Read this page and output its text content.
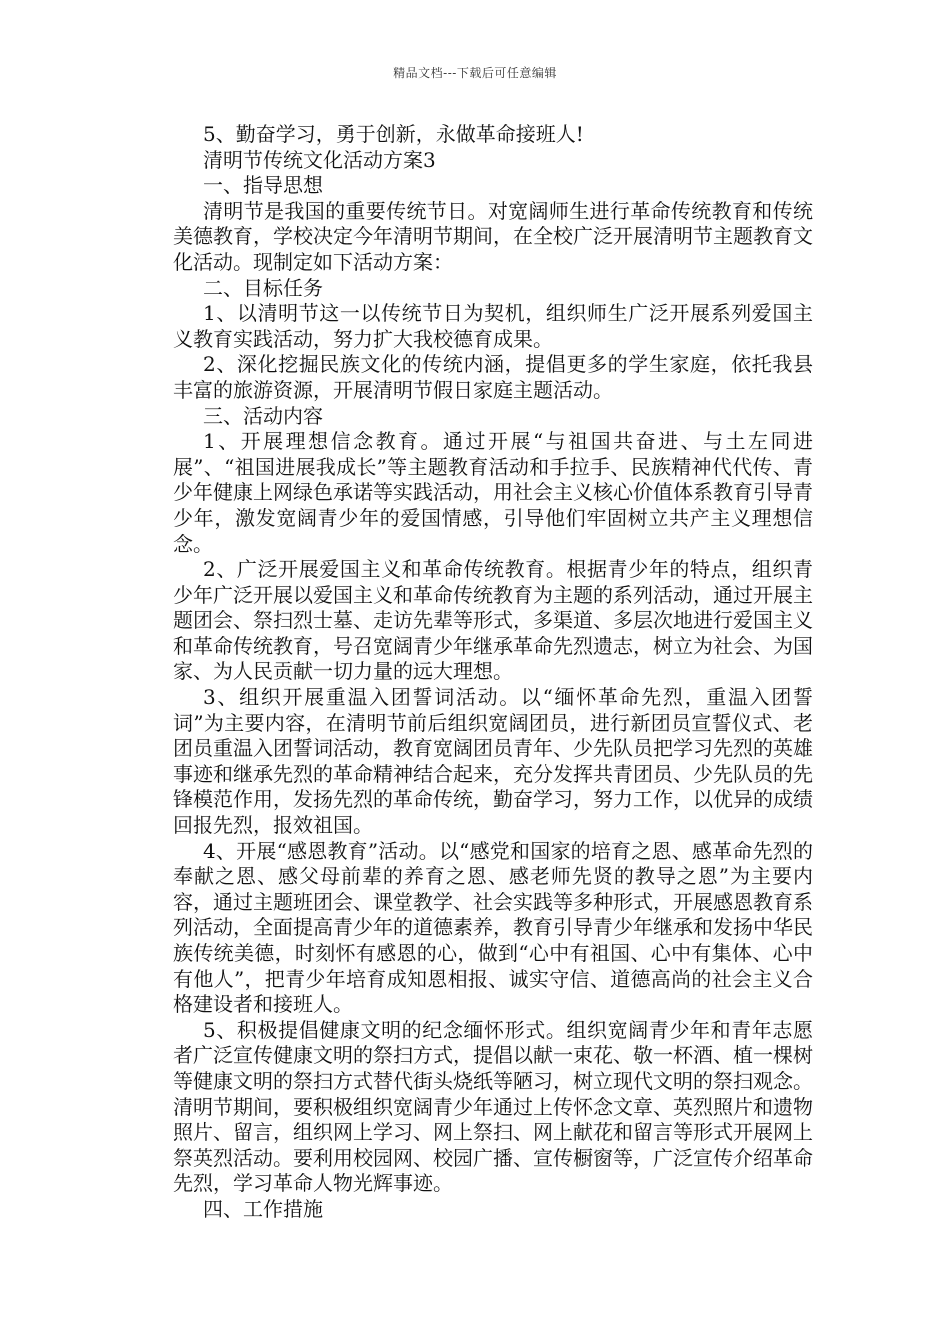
精品文档---下载后可任意编辑

5、勤奋学习，勇于创新，永做革命接班人!

清明节传统文化活动方案3

一、指导思想

清明节是我国的重要传统节日。对宽阔师生进行革命传统教育和传统美德教育，学校决定今年清明节期间，在全校广泛开展清明节主题教育文化活动。现制定如下活动方案：

二、目标任务

1、以清明节这一以传统节日为契机，组织师生广泛开展系列爱国主义教育实践活动，努力扩大我校德育成果。

2、深化挖掘民族文化的传统内涵，提倡更多的学生家庭，依托我县丰富的旅游资源，开展清明节假日家庭主题活动。

三、活动内容

1、开展理想信念教育。通过开展“与祖国共奋进、与土左同进展”、“祖国进展我成长”等主题教育活动和手拉手、民族精神代代传、青少年健康上网绿色承诺等实践活动，用社会主义核心价值体系教育引导青少年，激发宽阔青少年的爱国情感，引导他们牢固树立共产主义理想信念。

2、广泛开展爱国主义和革命传统教育。根据青少年的特点，组织青少年广泛开展以爱国主义和革命传统教育为主题的系列活动，通过开展主题团会、祭扫烈士墓、走访先辈等形式，多渠道、多层次地进行爱国主义和革命传统教育，号召宽阔青少年继承革命先烈遗志，树立为社会、为国家、为人民贡献一切力量的远大理想。

3、组织开展重温入团誓词活动。以“缅怀革命先烈，重温入团誓词”为主要内容，在清明节前后组织宽阔团员，进行新团员宣誓仪式、老团员重温入团誓词活动，教育宽阔团员青年、少先队员把学习先烈的英雄事迹和继承先烈的革命精神结合起来，充分发挥共青团员、少先队员的先锋模范作用，发扬先烈的革命传统，勤奋学习，努力工作，以优异的成绩回报先烈，报效祖国。

4、开展“感恩教育”活动。以“感党和国家的培育之恩、感革命先烈的奉献之恩、感父母前辈的养育之恩、感老师先贤的教导之恩”为主要内容，通过主题班团会、课堂教学、社会实践等多种形式，开展感恩教育系列活动，全面提高青少年的道德素养，教育引导青少年继承和发扬中华民族传统美德，时刻怀有感恩的心，做到“心中有祖国、心中有集体、心中有他人”，把青少年培育成知恩相报、诚实守信、道德高尚的社会主义合格建设者和接班人。

5、积极提倡健康文明的纪念缅怀形式。组织宽阔青少年和青年志愿者广泛宣传健康文明的祭扫方式，提倡以献一束花、敬一杯酒、植一棵树等健康文明的祭扫方式替代街头烧纸等陋习，树立现代文明的祭扫观念。清明节期间，要积极组织宽阔青少年通过上传怀念文章、英烈照片和遗物照片、留言，组织网上学习、网上祭扫、网上献花和留言等形式开展网上祭英烈活动。要利用校园网、校园广播、宣传橱窗等，广泛宣传介绍革命先烈，学习革命人物光辉事迹。

四、工作措施
